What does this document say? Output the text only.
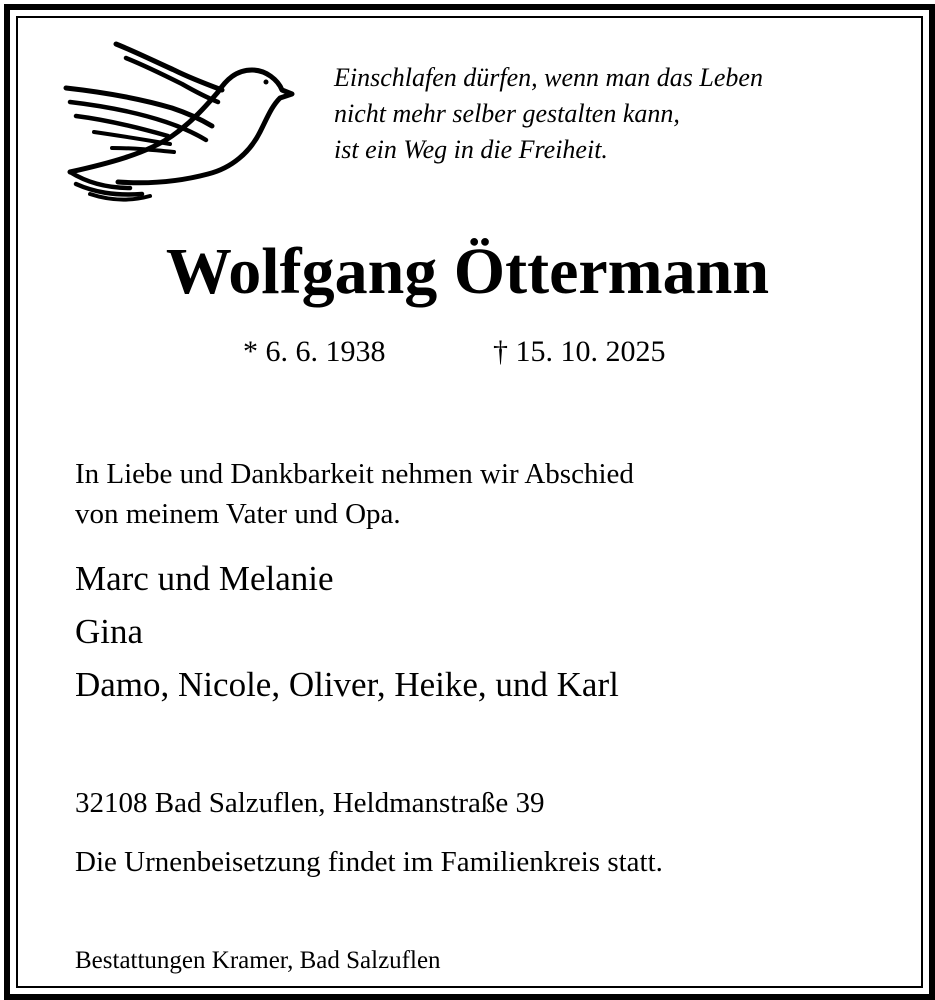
Einschlafen dürfen, wenn man das Leben
nicht mehr selber gestalten kann,
ist ein Weg in die Freiheit.
Wolfgang Öttermann
* 6. 6. 1938	† 15. 10. 2025
In Liebe und Dankbarkeit nehmen wir Abschied
von meinem Vater und Opa.
Marc und Melanie
Gina
Damo, Nicole, Oliver, Heike, und Karl
32108 Bad Salzuflen, Heldmanstraße 39
Die Urnenbeisetzung findet im Familienkreis statt.
Bestattungen Kramer, Bad Salzuflen
